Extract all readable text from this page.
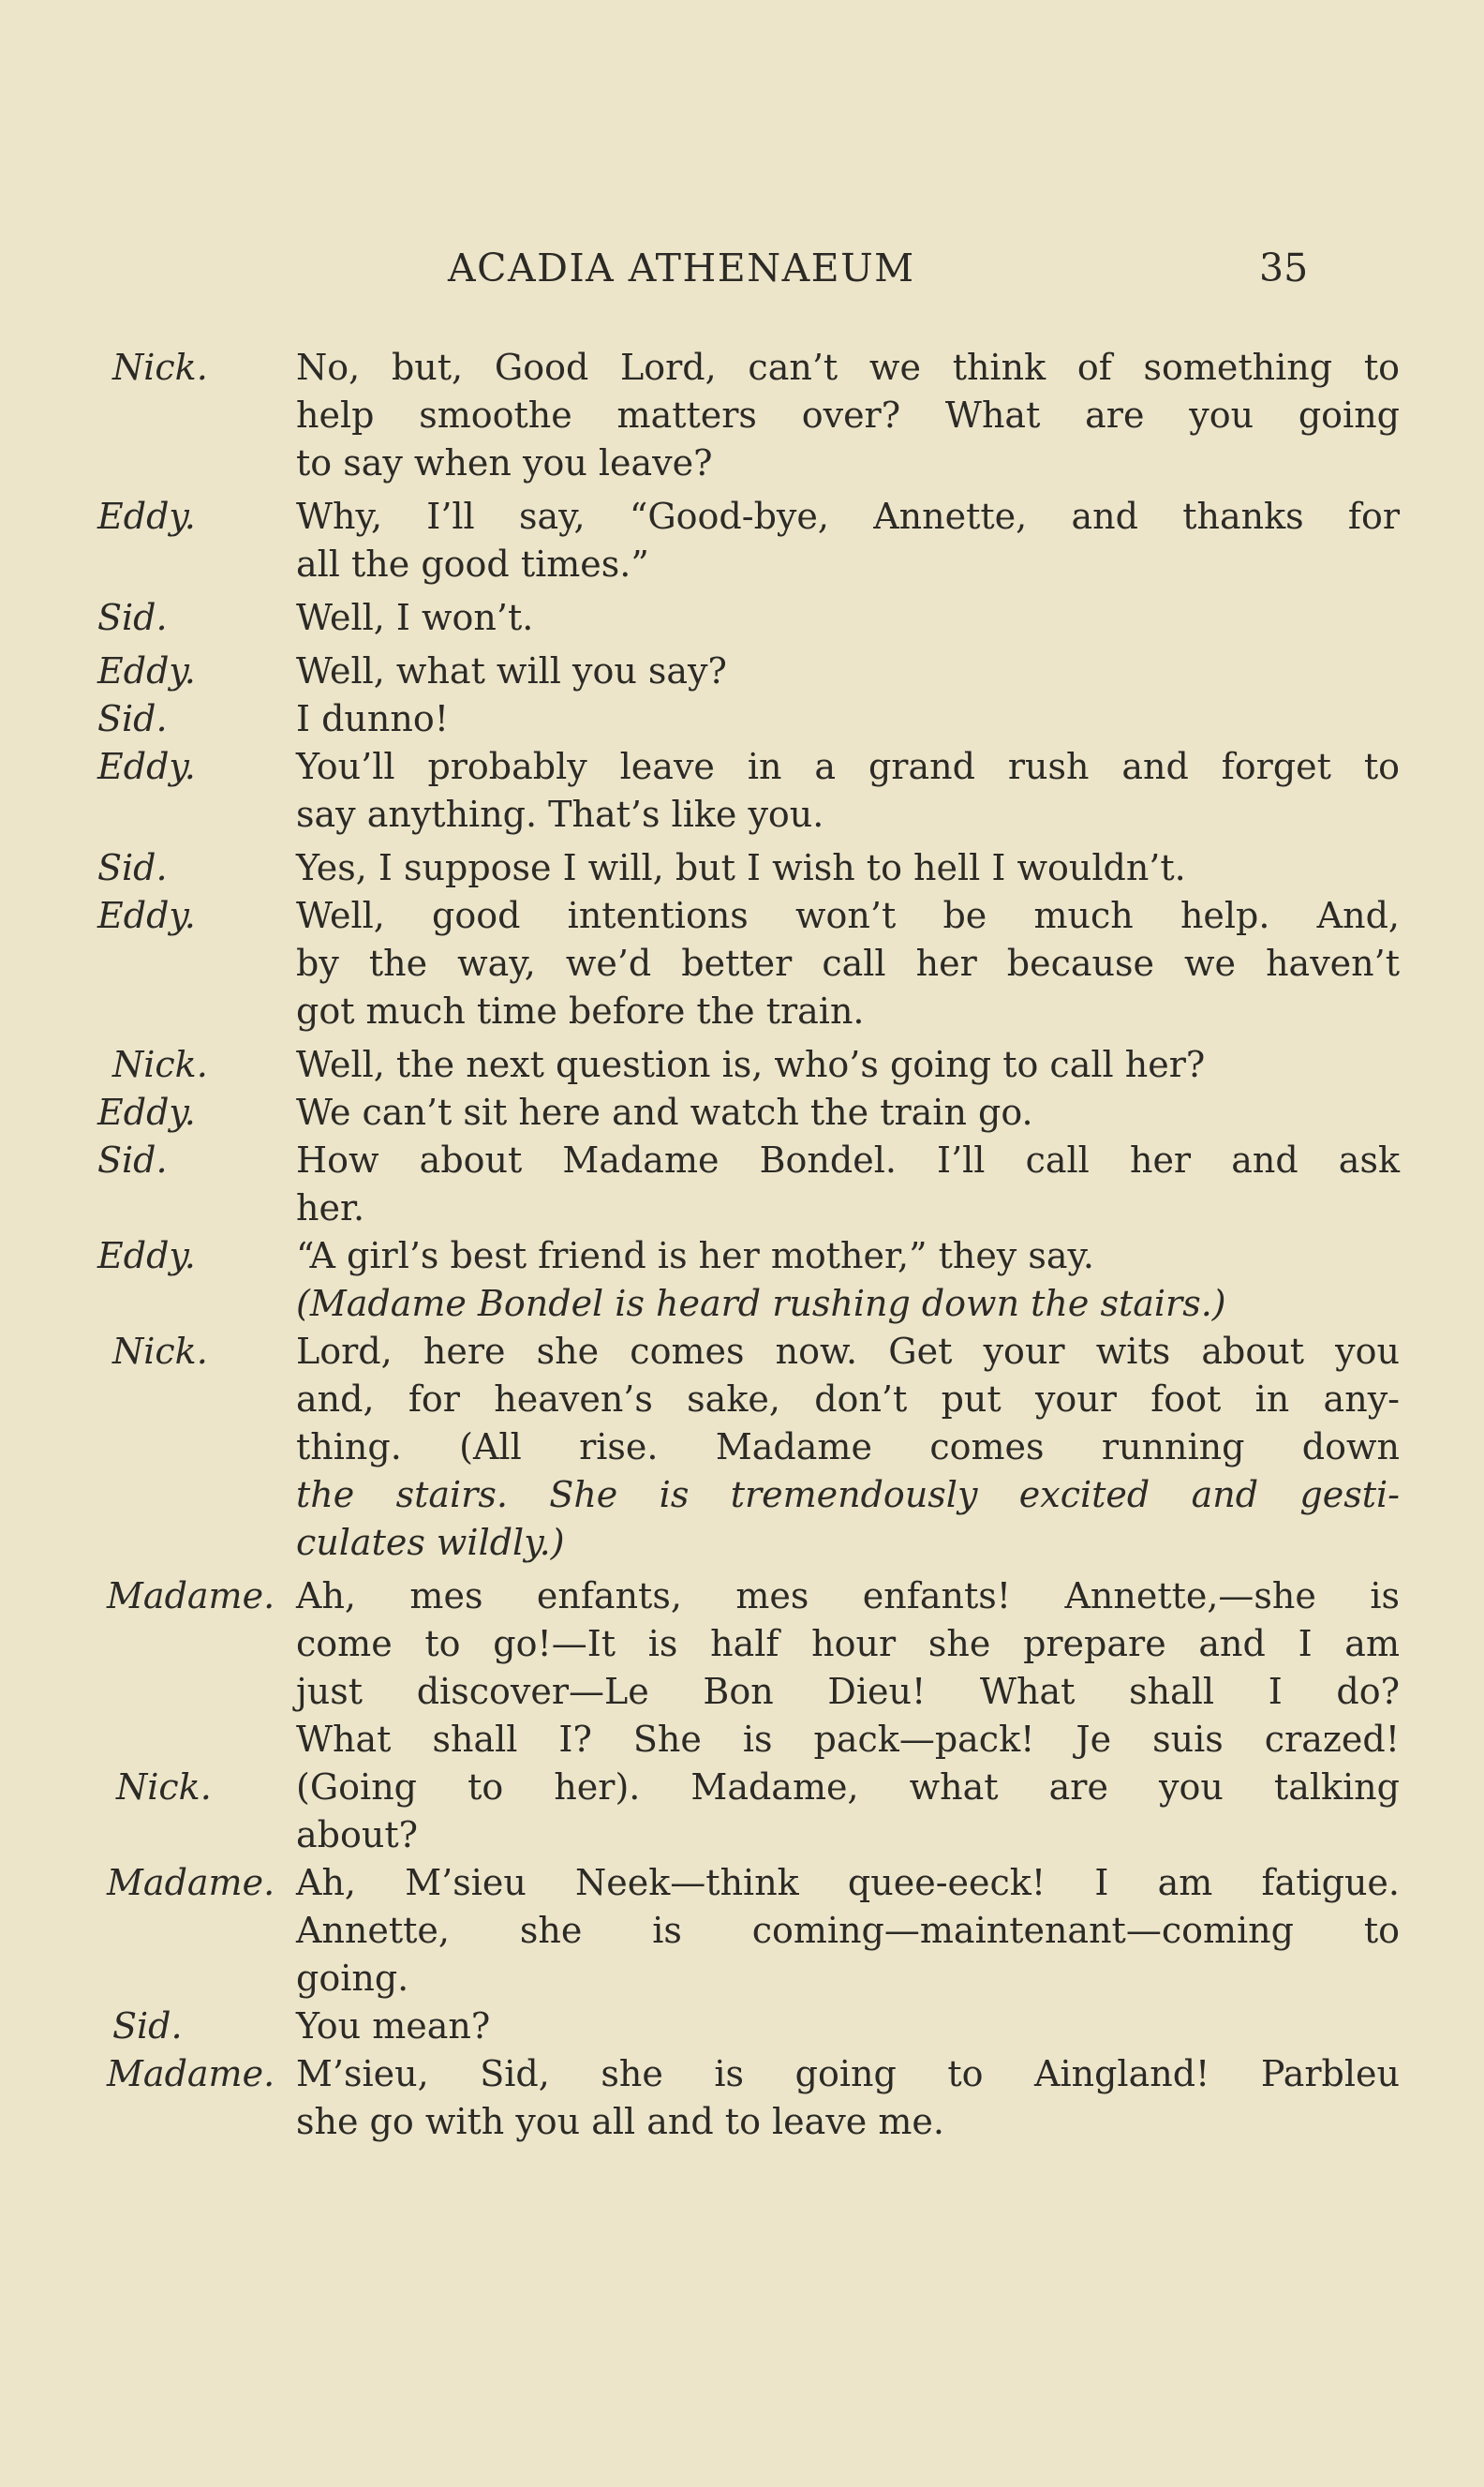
ACADIA ATHENAEUM	35
Nick. No, but, Good Lord, can’t we think of something to
help smoothe matters over? What are you going
to say when you leave?
Eddy.	Why, I’ll say, “Good-bye, Annette, and thanks for
all the good times.”
Sid.	Well, I won’t.
Eddy.	Well, what will you say?
Sid.	I dunno!
Eddy.	You’ll probably leave in a grand rush and forget to
say anything. That’s like you.
Sid.	Yes, I suppose I will, but I wish to hell I wouldn’t.
Eddy.	Well, good intentions won’t be much help. And,
by the way, we’d better call her because we haven’t
got much time before the train.
Nick. Well, the next question is, who’s going to call her?
Eddy.	We can’t sit here and watch the train go.
Sid.	How about Madame Bondel. I’ll call her and ask
her.
Eddy.	“A girl’s best friend is her mother,” they say.
(Madame Bondel is heard rushing down the stairs.)
Nick. Lord, here she comes now. Get your wits about you
and, for heaven’s sake, don’t put your foot in any-
thing. (All rise. Madame comes running down
the stairs. She is tremendously excited and gesti-
culates wildly.)
Madame. Ah, mes enfants, mes enfants! Annette,—she is
come to go!—It is half hour she prepare and I am
just discover—Le Bon Dieu! What shall I do?
What shall I? She is pack—pack! Je suis crazed!
Nick. (Going to her). Madame, what are you talking
about?
Madame. Ah, M’sieu Neek—think quee-eeck! I am fatigue.
Annette, she is coming—maintenant—coming to
going.
Sid.	You mean?
Madame. M’sieu, Sid, she is going to Aingland! Parbleu
she go with you all and to leave me.
